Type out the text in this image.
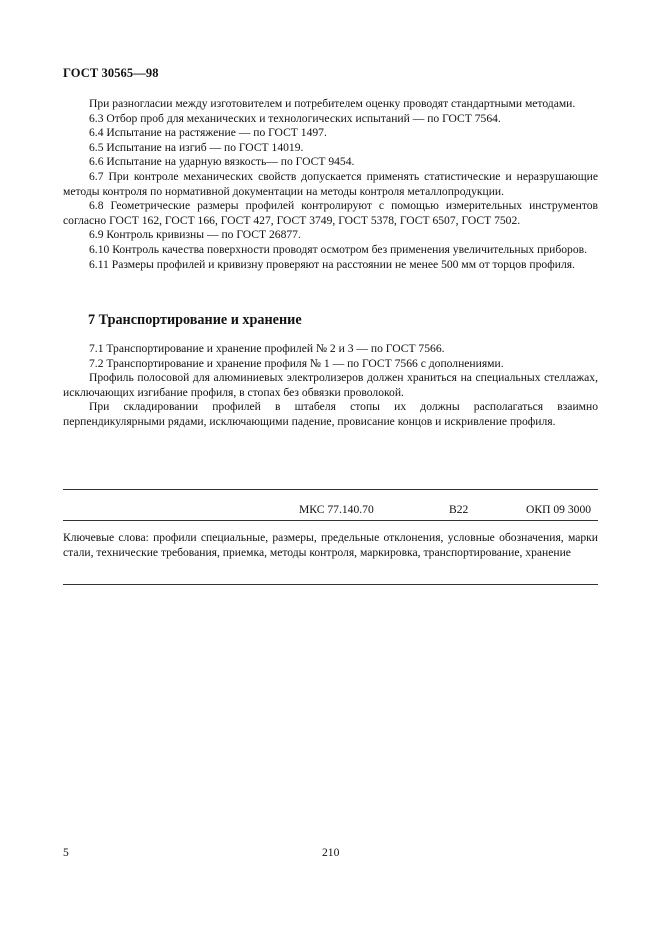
ГОСТ 30565—98

При разногласии между изготовителем и потребителем оценку проводят стандартными методами.

6.3 Отбор проб для механических и технологических испытаний — по ГОСТ 7564.

6.4 Испытание на растяжение — по ГОСТ 1497.

6.5 Испытание на изгиб — по ГОСТ 14019.

6.6 Испытание на ударную вязкость— по ГОСТ 9454.

6.7 При контроле механических свойств допускается применять статистические и неразрушающие методы контроля по нормативной документации на методы контроля металлопродукции.

6.8 Геометрические размеры профилей контролируют с помощью измерительных инструментов согласно ГОСТ 162, ГОСТ 166, ГОСТ 427, ГОСТ 3749, ГОСТ 5378, ГОСТ 6507, ГОСТ 7502.

6.9 Контроль кривизны — по ГОСТ 26877.

6.10 Контроль качества поверхности проводят осмотром без применения увеличительных приборов.

6.11 Размеры профилей и кривизну проверяют на расстоянии не менее 500 мм от торцов профиля.

7 Транспортирование и хранение

7.1 Транспортирование и хранение профилей № 2 и 3 — по ГОСТ 7566.

7.2 Транспортирование и хранение профиля № 1 — по ГОСТ 7566 с дополнениями.

Профиль полосовой для алюминиевых электролизеров должен храниться на специальных стеллажах, исключающих изгибание профиля, в стопах без обвязки проволокой.

При складировании профилей в штабеля стопы их должны располагаться взаимно перпендикулярными рядами, исключающими падение, провисание концов и искривление профиля.

МКС 77.140.70	В22	ОКП 09 3000

Ключевые слова: профили специальные, размеры, предельные отклонения, условные обозначения, марки стали, технические требования, приемка, методы контроля, маркировка, транспортирование, хранение

5	210
